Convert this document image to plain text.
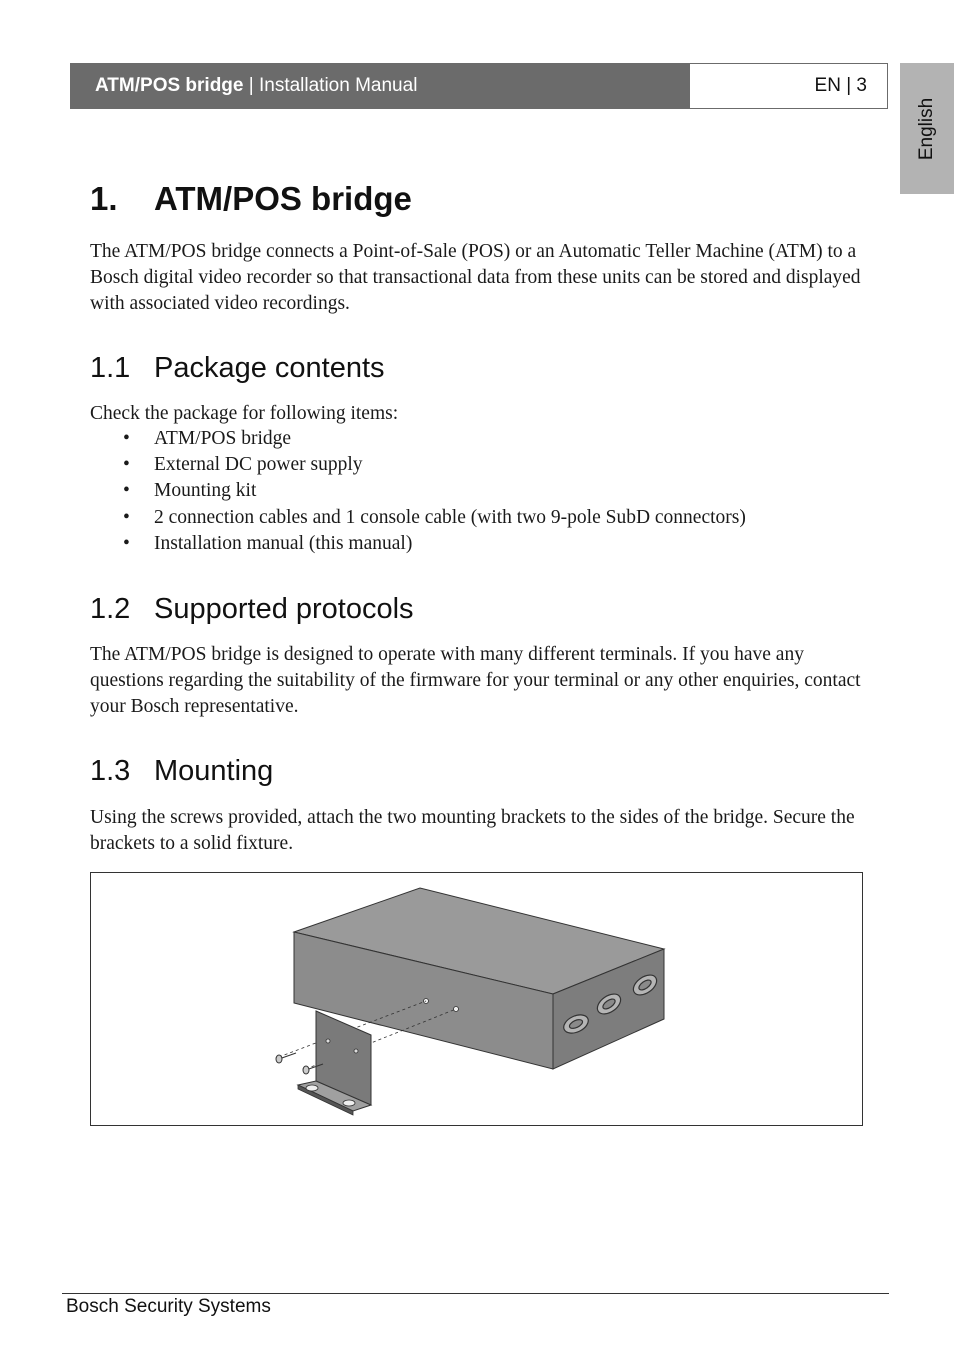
ATM/POS bridge | Installation Manual	EN | 3
English
1. ATM/POS bridge

The ATM/POS bridge connects a Point-of-Sale (POS) or an Automatic Teller Machine (ATM) to a Bosch digital video recorder so that transactional data from these units can be stored and displayed with associated video recordings.

1.1 Package contents

Check the package for following items:

• ATM/POS bridge
• External DC power supply
• Mounting kit
• 2 connection cables and 1 console cable (with two 9-pole SubD connectors)
• Installation manual (this manual)
1.2 Supported protocols

The ATM/POS bridge is designed to operate with many different terminals. If you have any questions regarding the suitability of the firmware for your terminal or any other enquiries, contact your Bosch representative.

1.3 Mounting

Using the screws provided, attach the two mounting brackets to the sides of the bridge. Secure the brackets to a solid fixture.

Bosch Security Systems
